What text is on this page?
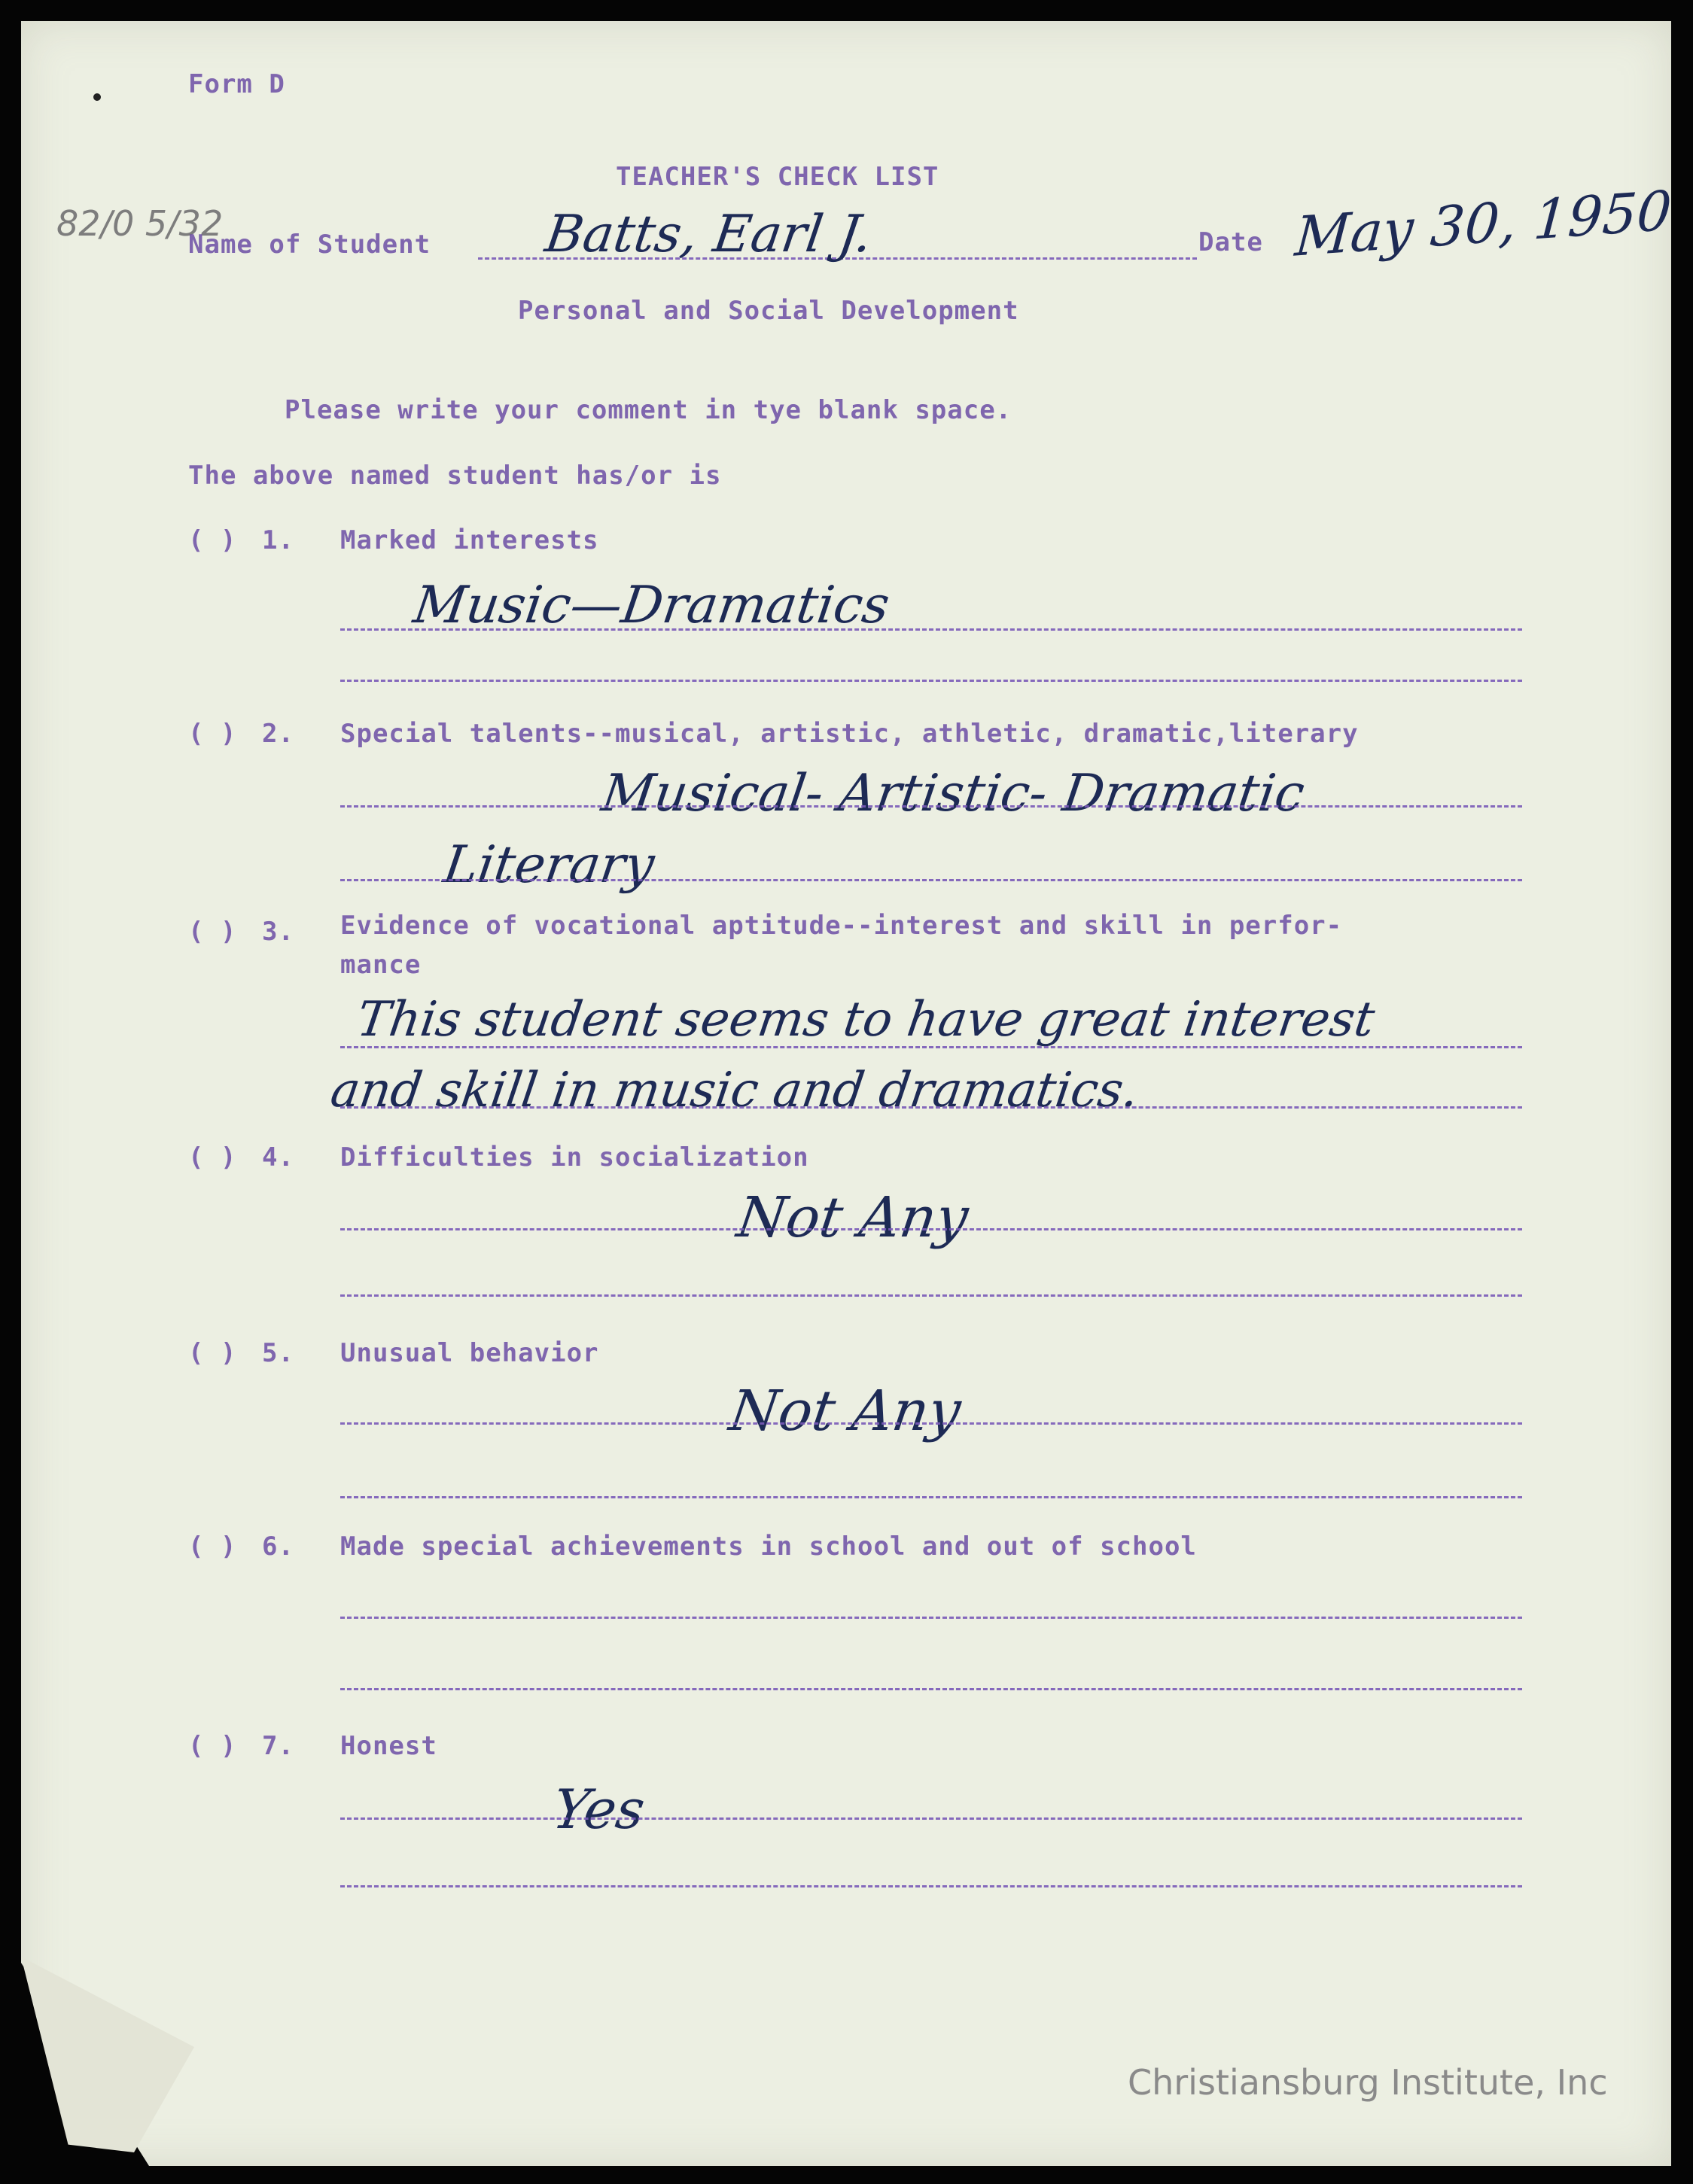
Form D
82/0 5/32
TEACHER'S CHECK LIST
Name of Student Batts, Earl J.	Date May 30, 1950
Personal and Social Development
Please write your comment in tye blank space.
The above named student has/or is
( ) 1. Marked interests
Music—Dramatics
( ) 2. Special talents--musical, artistic, athletic, dramatic,literary
Musical- Artistic- Dramatic
Literary
( ) 3. Evidence of vocational aptitude--interest and skill in perfor-
mance
This student seems to have great interest
and skill in music and dramatics.
( ) 4. Difficulties in socialization
Not Any
( ) 5. Unusual behavior
Not Any
( ) 6. Made special achievements in school and out of school
( ) 7. Honest
Yes
Christiansburg Institute, Inc
